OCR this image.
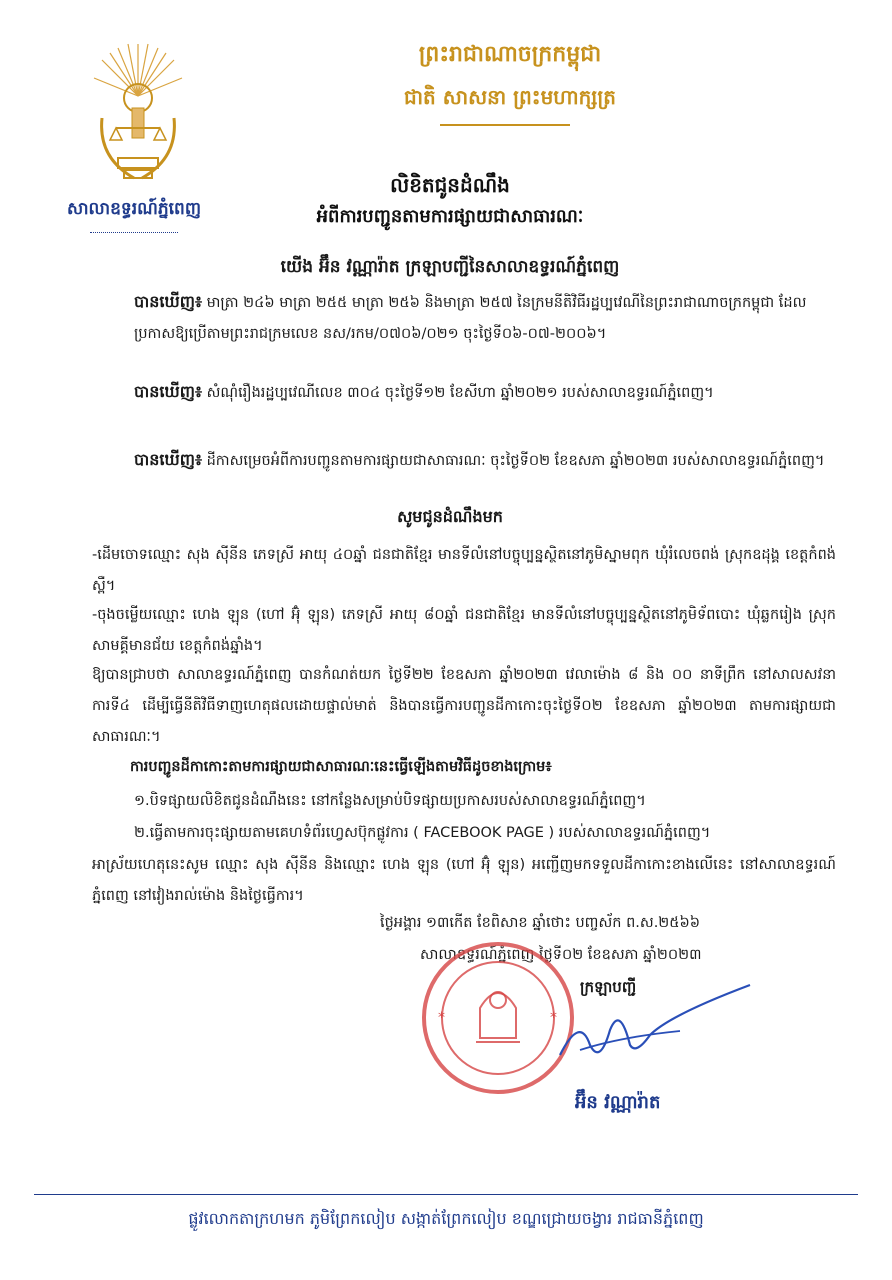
សាលាឧទ្ធរណ៍ភ្នំពេញ
ព្រះរាជាណាចក្រកម្ពុជា
ជាតិ សាសនា ព្រះមហាក្សត្រ
លិខិតជូនដំណឹង
អំពីការបញ្ជូនតាមការផ្សាយជាសាធារណៈ
យើង អ៊ឹន វណ្ណារ៉ាត ក្រឡាបញ្ជីនៃសាលាឧទ្ធរណ៍ភ្នំពេញ
បានឃើញ៖ មាត្រា ២៤៦ មាត្រា ២៥៥ មាត្រា ២៥៦ និងមាត្រា ២៥៧ នៃក្រមនីតិវិធីរដ្ឋប្បវេណីនៃព្រះរាជាណាចក្រកម្ពុជា ដែលប្រកាសឱ្យប្រើតាមព្រះរាជក្រមលេខ នស/រកម/០៧០៦/០២១ ចុះថ្ងៃទី០៦-០៧-២០០៦។
បានឃើញ៖ សំណុំរឿងរដ្ឋប្បវេណីលេខ ៣០៤ ចុះថ្ងៃទី១២ ខែសីហា ឆ្នាំ២០២១ របស់សាលាឧទ្ធរណ៍ភ្នំពេញ។
បានឃើញ៖ ដីកាសម្រេចអំពីការបញ្ជូនតាមការផ្សាយជាសាធារណៈ ចុះថ្ងៃទី០២ ខែឧសភា ឆ្នាំ២០២៣ របស់សាលាឧទ្ធរណ៍ភ្នំពេញ។
សូមជូនដំណឹងមក
-ដើមចោទឈ្មោះ សុង ស៊ីនីន ភេទស្រី អាយុ ៤០ឆ្នាំ ជនជាតិខ្មែរ មានទីលំនៅបច្ចុប្បន្នស្ថិតនៅភូមិស្នាមពុក ឃុំរំលេចពង់ ស្រុកឧដុង្គ ខេត្តកំពង់ស្ពឺ។
-ចុងចម្លើយឈ្មោះ ហេង ឡុន (ហៅ អ៊ុំ ឡុន) ភេទស្រី អាយុ ៨០ឆ្នាំ ជនជាតិខ្មែរ មានទីលំនៅបច្ចុប្បន្នស្ថិតនៅភូមិទ័ពបោះ ឃុំឆ្លករៀង ស្រុកសាមគ្គីមានជ័យ ខេត្តកំពង់ឆ្នាំង។
ឱ្យបានជ្រាបថា សាលាឧទ្ធរណ៍ភ្នំពេញ បានកំណត់យក ថ្ងៃទី២២ ខែឧសភា ឆ្នាំ២០២៣ វេលាម៉ោង ៨ និង ០០ នាទីព្រឹក នៅសាលសវនាការទី៤ ដើម្បីធ្វើនីតិវិធីទាញហេតុផលដោយផ្ទាល់មាត់ និងបានធ្វើការបញ្ជូនដីកាកោះចុះថ្ងៃទី០២ ខែឧសភា ឆ្នាំ២០២៣ តាមការផ្សាយជាសាធារណៈ។
ការបញ្ជូនដីកាកោះតាមការផ្សាយជាសាធារណៈនេះធ្វើឡើងតាមវិធីដូចខាងក្រោម៖
១.បិទផ្សាយលិខិតជូនដំណឹងនេះ នៅកន្លែងសម្រាប់បិទផ្សាយប្រកាសរបស់សាលាឧទ្ធរណ៍ភ្នំពេញ។
២.ធ្វើតាមការចុះផ្សាយតាមគេហទំព័រហ្វេសប៊ុកផ្លូវការ ( FACEBOOK PAGE ) របស់សាលាឧទ្ធរណ៍ភ្នំពេញ។
អាស្រ័យហេតុនេះសូម ឈ្មោះ សុង ស៊ីនីន និងឈ្មោះ ហេង ឡុន (ហៅ អ៊ុំ ឡុន) អញ្ជើញមកទទួលដីកាកោះខាងលើនេះ នៅសាលាឧទ្ធរណ៍ភ្នំពេញ នៅវៀងរាល់ម៉ោង និងថ្ងៃធ្វើការ។
ថ្ងៃអង្គារ ១៣កើត ខែពិសាខ ឆ្នាំថោះ បញ្ចស័ក ព.ស.២៥៦៦
សាលាឧទ្ធរណ៍ភ្នំពេញ ថ្ងៃទី០២ ខែឧសភា ឆ្នាំ២០២៣
*	*
ក្រឡាបញ្ជី
អ៊ឹន វណ្ណារ៉ាត
ផ្លូវលោកតាក្រហមក ភូមិព្រែកលៀប សង្កាត់ព្រែកលៀប ខណ្ឌជ្រោយចង្វារ រាជធានីភ្នំពេញ
